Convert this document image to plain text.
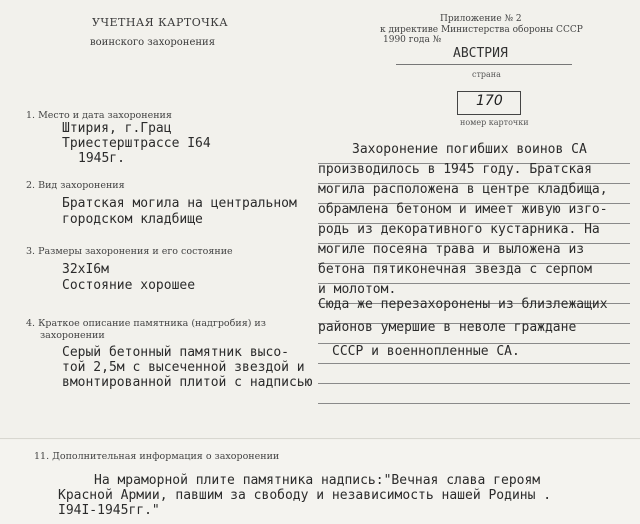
УЧЕТНАЯ КАРТОЧКА
воинского захоронения
Приложение № 2
к директиве Министерства обороны СССР
1990 года №
АВСТРИЯ
страна
170
номер карточки
1. Место и дата захоронения
Штирия, г.Грац
Триестерштрассе I64
1945г.
2. Вид захоронения
Братская могила на центральном
городском кладбище
3. Размеры захоронения и его состояние
32xI6м
Состояние хорошее
4. Краткое описание памятника (надгробия) из
захоронении
Серый бетонный памятник высо-
той 2,5м с высеченной звездой и
вмонтированной плитой с надписью
Захоронение погибших воинов СА
производилось в 1945 году. Братская
могила расположена в центре кладбища,
обрамлена бетоном и имеет живую изго-
родь из декоративного кустарника. На
могиле посеяна трава и выложена из
бетона пятиконечная звезда с серпом
и молотом.
Сюда же перезахоронены из близлежащих
районов умершие в неволе граждане
СССР и военнопленные СА.
11. Дополнительная информация о захоронении
На мраморной плите памятника надпись:"Вечная слава героям
Красной Армии, павшим за свободу и независимость нашей Родины .
I94I-1945гг."
